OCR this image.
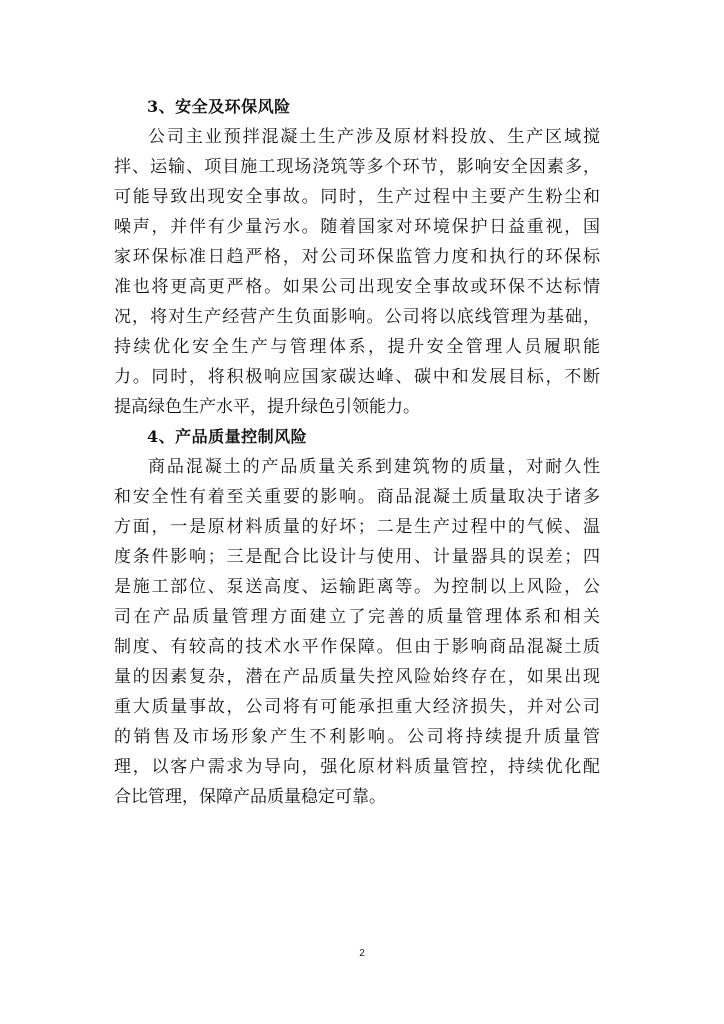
3、安全及环保风险

公司主业预拌混凝土生产涉及原材料投放、生产区域搅
拌、运输、项目施工现场浇筑等多个环节，影响安全因素多，
可能导致出现安全事故。同时，生产过程中主要产生粉尘和
噪声，并伴有少量污水。随着国家对环境保护日益重视，国
家环保标准日趋严格，对公司环保监管力度和执行的环保标
准也将更高更严格。如果公司出现安全事故或环保不达标情
况，将对生产经营产生负面影响。公司将以底线管理为基础，
持续优化安全生产与管理体系，提升安全管理人员履职能
力。同时，将积极响应国家碳达峰、碳中和发展目标，不断
提高绿色生产水平，提升绿色引领能力。

4、产品质量控制风险

商品混凝土的产品质量关系到建筑物的质量，对耐久性
和安全性有着至关重要的影响。商品混凝土质量取决于诸多
方面，一是原材料质量的好坏；二是生产过程中的气候、温
度条件影响；三是配合比设计与使用、计量器具的误差；四
是施工部位、泵送高度、运输距离等。为控制以上风险，公
司在产品质量管理方面建立了完善的质量管理体系和相关
制度、有较高的技术水平作保障。但由于影响商品混凝土质
量的因素复杂，潜在产品质量失控风险始终存在，如果出现
重大质量事故，公司将有可能承担重大经济损失，并对公司
的销售及市场形象产生不利影响。公司将持续提升质量管
理，以客户需求为导向，强化原材料质量管控，持续优化配
合比管理，保障产品质量稳定可靠。

2
